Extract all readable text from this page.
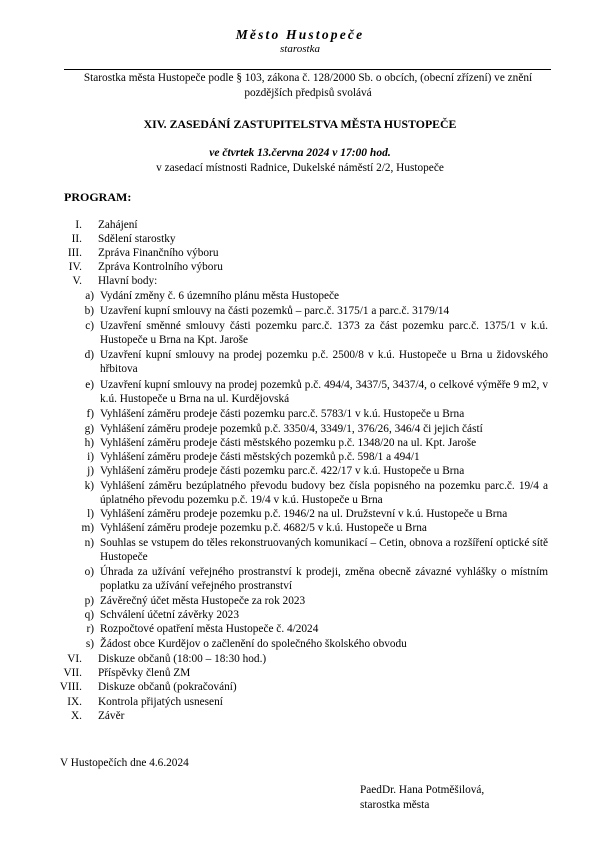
Město Hustopeče
starostka
Starostka města Hustopeče podle § 103, zákona č. 128/2000 Sb. o obcích, (obecní zřízení) ve znění pozdějších předpisů svolává
XIV. ZASEDÁNÍ ZASTUPITELSTVA MĚSTA HUSTOPEČE
ve čtvrtek 13.června 2024 v 17:00 hod.
v zasedací místnosti Radnice, Dukelské náměstí 2/2, Hustopeče
PROGRAM:
I. Zahájení
II. Sdělení starostky
III. Zpráva Finančního výboru
IV. Zpráva Kontrolního výboru
V. Hlavní body:
a) Vydání změny č. 6 územního plánu města Hustopeče
b) Uzavření kupní smlouvy na části pozemků – parc.č. 3175/1 a parc.č. 3179/14
c) Uzavření směnné smlouvy části pozemku parc.č. 1373 za část pozemku parc.č. 1375/1 v k.ú. Hustopeče u Brna na Kpt. Jaroše
d) Uzavření kupní smlouvy na prodej pozemku p.č. 2500/8 v k.ú. Hustopeče u Brna u židovského hřbitova
e) Uzavření kupní smlouvy na prodej pozemků p.č. 494/4, 3437/5, 3437/4, o celkové výměře 9 m2, v k.ú. Hustopeče u Brna na ul. Kurdějovská
f) Vyhlášení záměru prodeje části pozemku parc.č. 5783/1 v k.ú. Hustopeče u Brna
g) Vyhlášení záměru prodeje pozemků p.č. 3350/4, 3349/1, 376/26, 346/4 či jejich částí
h) Vyhlášení záměru prodeje části městského pozemku p.č. 1348/20 na ul. Kpt. Jaroše
i) Vyhlášení záměru prodeje části městských pozemků p.č. 598/1 a 494/1
j) Vyhlášení záměru prodeje části pozemku parc.č. 422/17 v k.ú. Hustopeče u Brna
k) Vyhlášení záměru bezúplatného převodu budovy bez čísla popisného na pozemku parc.č. 19/4 a úplatného převodu pozemku p.č. 19/4 v k.ú. Hustopeče u Brna
l) Vyhlášení záměru prodeje pozemku p.č. 1946/2 na ul. Družstevní v k.ú. Hustopeče u Brna
m) Vyhlášení záměru prodeje pozemku p.č. 4682/5 v k.ú. Hustopeče u Brna
n) Souhlas se vstupem do těles rekonstruovaných komunikací – Cetin, obnova a rozšíření optické sítě Hustopeče
o) Úhrada za užívání veřejného prostranství k prodeji, změna obecně závazné vyhlášky o místním poplatku za užívání veřejného prostranství
p) Závěrečný účet města Hustopeče za rok 2023
q) Schválení účetní závěrky 2023
r) Rozpočtové opatření města Hustopeče č. 4/2024
s) Žádost obce Kurdějov o začlenění do společného školského obvodu
VI. Diskuze občanů (18:00 – 18:30 hod.)
VII. Příspěvky členů ZM
VIII. Diskuze občanů (pokračování)
IX. Kontrola přijatých usnesení
X. Závěr
V Hustopečích dne 4.6.2024
PaedDr. Hana Potměšilová,
starostka města
